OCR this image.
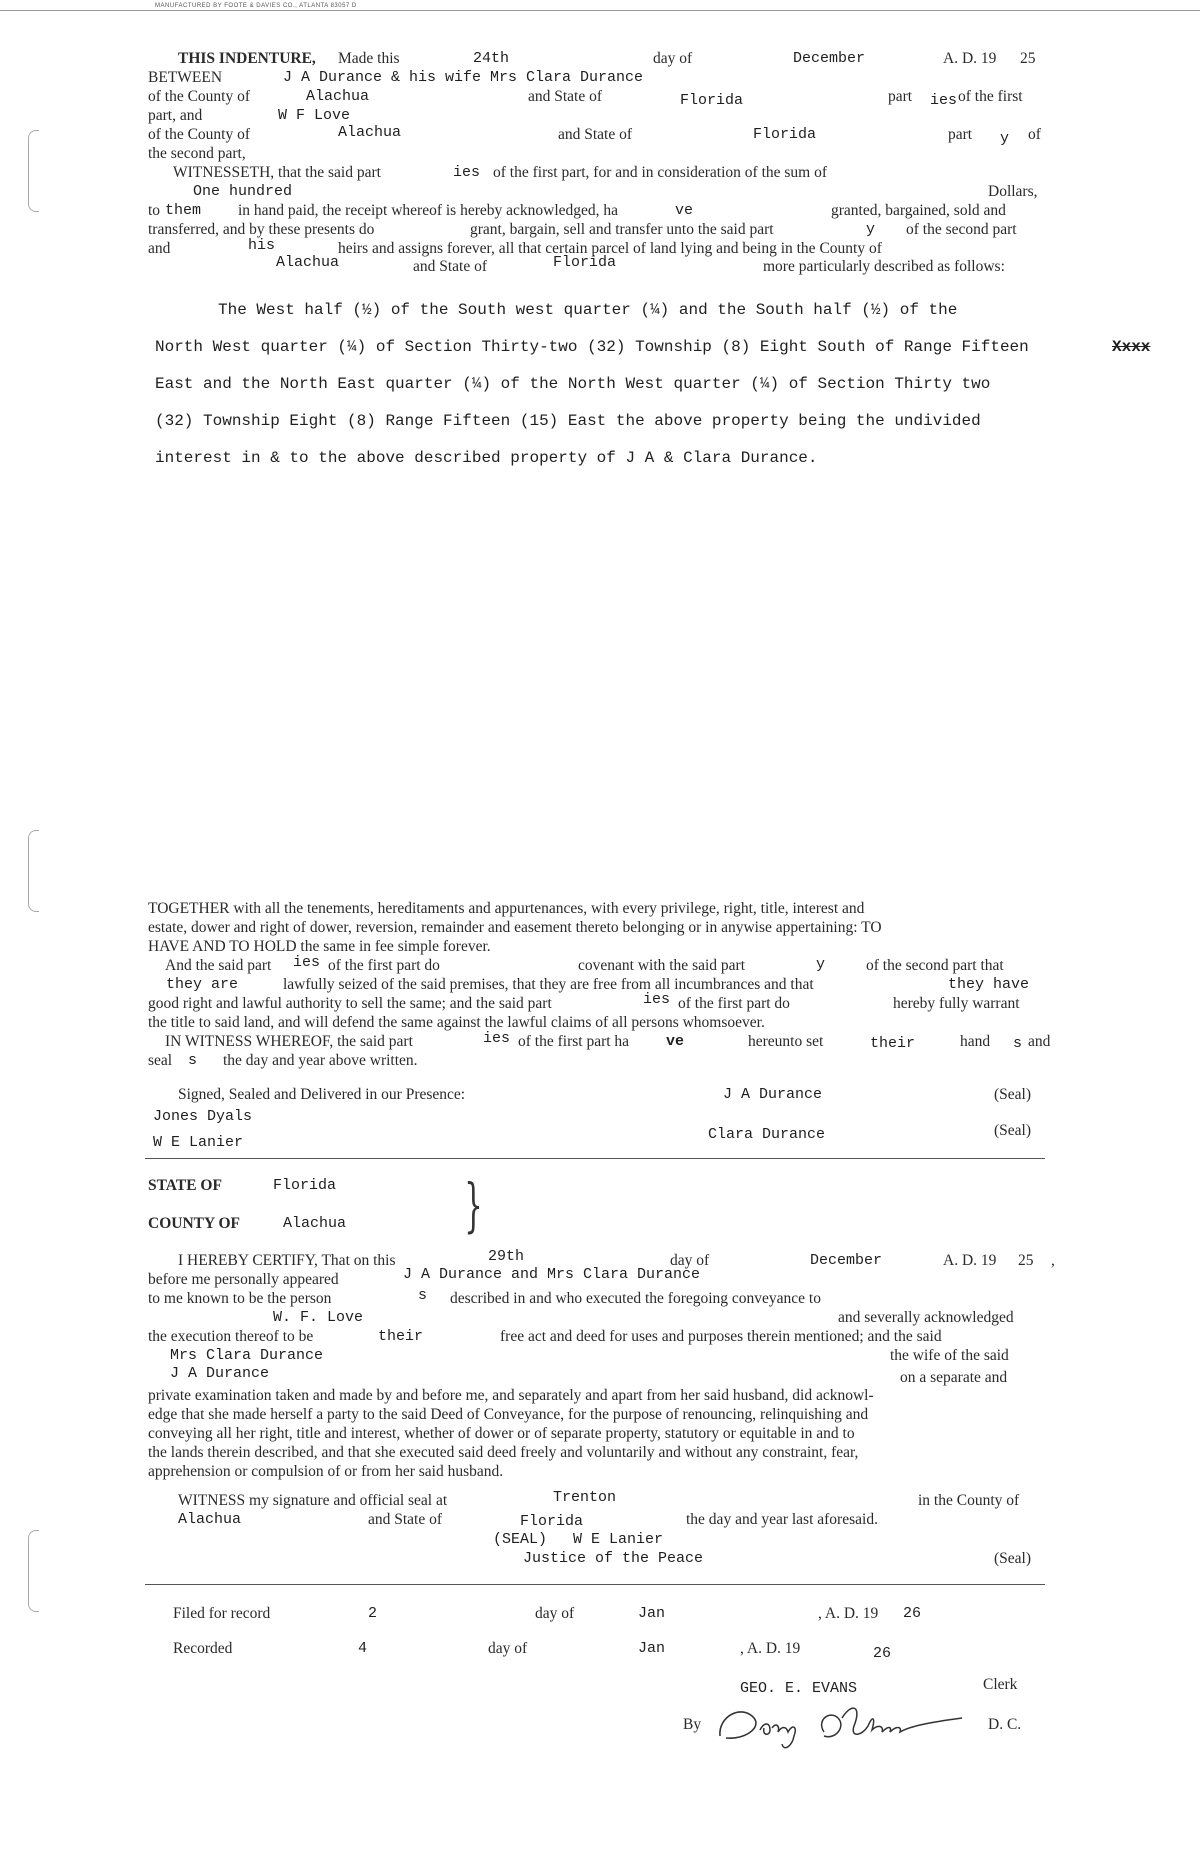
MANUFACTURED BY FOOTE & DAVIES CO., ATLANTA 83057 D
THIS INDENTURE, Made this	24th	day of	December	A. D. 19 25
BETWEEN	J A Durance & his wife Mrs Clara Durance
of the County of	Alachua	and State of	Florida	part ies of the first
part, and	W F Love
of the County of	Alachua	and State of	Florida	part y of
the second part,
WITNESSETH, that the said part	ies of the first part, for and in consideration of the sum of
One hundred	Dollars,
to them in hand paid, the receipt whereof is hereby acknowledged, ha	ve	granted, bargained, sold and
transferred, and by these presents do	grant, bargain, sell and transfer unto the said part	y of the second part
and	his	heirs and assigns forever, all that certain parcel of land lying and being in the County of
Alachua	and State of	Florida	more particularly described as follows:
The West half (½) of the South west quarter (¼) and the South half (½) of the
North West quarter (¼) of Section Thirty-two (32) Township (8) Eight South of Range Fifteen	Xxxx
East and the North East quarter (¼) of the North West quarter (¼) of Section Thirty two
(32) Township Eight (8) Range Fifteen (15) East the above property being the undivided
interest in & to the above described property of J A & Clara Durance.
TOGETHER with all the tenements, hereditaments and appurtenances, with every privilege, right, title, interest and
estate, dower and right of dower, reversion, remainder and easement thereto belonging or in anywise appertaining: TO
HAVE AND TO HOLD the same in fee simple forever.
And the said part ies of the first part do	covenant with the said part	y	of the second part that
they are	lawfully seized of the said premises, that they are free from all incumbrances and that	they have
good right and lawful authority to sell the same; and the said part	ies of the first part do	hereby fully warrant
the title to said land, and will defend the same against the lawful claims of all persons whomsoever.
IN WITNESS WHEREOF, the said part	ies of the first part ha ve	hereunto set	their	hand s and
seal s the day and year above written.
Signed, Sealed and Delivered in our Presence:	J A Durance	(Seal)
Jones Dyals
(Seal)
Clara Durance
W E Lanier
STATE OF	Florida }
COUNTY OF	Alachua
I HEREBY CERTIFY, That on this	29th	day of	December	A. D. 19 25 ,
before me personally appeared	J A Durance and Mrs Clara Durance
to me known to be the person	s described in and who executed the foregoing conveyance to
W. F. Love	and severally acknowledged
the execution thereof to be	their	free act and deed for uses and purposes therein mentioned; and the said
Mrs Clara Durance	the wife of the said
J A Durance	on a separate and
private examination taken and made by and before me, and separately and apart from her said husband, did acknowl-
edge that she made herself a party to the said Deed of Conveyance, for the purpose of renouncing, relinquishing and
conveying all her right, title and interest, whether of dower or of separate property, statutory or equitable in and to
the lands therein described, and that she executed said deed freely and voluntarily and without any constraint, fear,
apprehension or compulsion of or from her said husband.
WITNESS my signature and official seal at	Trenton	in the County of
Alachua	and State of	Florida	the day and year last aforesaid.
(SEAL) W E Lanier
Justice of the Peace	(Seal)
Filed for record	2	day of	Jan	, A. D. 19 26
Recorded	4	day of	Jan	, A. D. 19	26
GEO. E. EVANS	Clerk
By	D. C.
